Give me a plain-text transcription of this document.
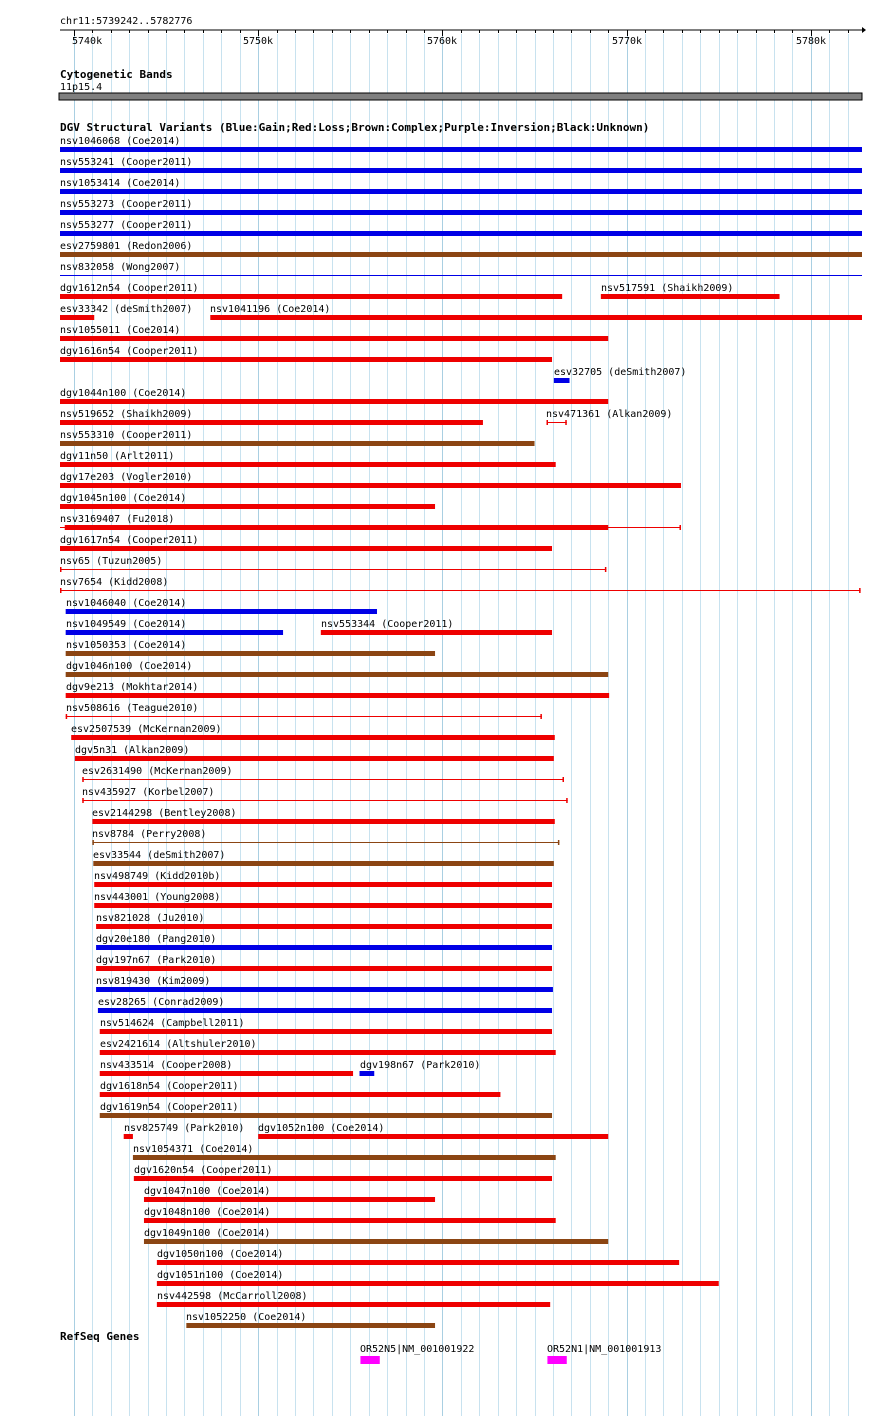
chr11:5739242..5782776
5740k	5750k	5760k	5770k	5780k
Cytogenetic Bands
11p15.4
DGV Structural Variants (Blue:Gain;Red:Loss;Brown:Complex;Purple:Inversion;Black:Unknown)
nsv1046068 (Coe2014)
nsv553241 (Cooper2011)
nsv1053414 (Coe2014)
nsv553273 (Cooper2011)
nsv553277 (Cooper2011)
esv2759801 (Redon2006)
nsv832058 (Wong2007)
dgv1612n54 (Cooper2011)	nsv517591 (Shaikh2009)
esv33342 (deSmith2007) nsv1041196 (Coe2014)
nsv1055011 (Coe2014)
dgv1616n54 (Cooper2011)
esv32705 (deSmith2007)
dgv1044n100 (Coe2014)
nsv519652 (Shaikh2009)	nsv471361 (Alkan2009)
nsv553310 (Cooper2011)
dgv11n50 (Arlt2011)
dgv17e203 (Vogler2010)
dgv1045n100 (Coe2014)
nsv3169407 (Fu2018)
dgv1617n54 (Cooper2011)
nsv65 (Tuzun2005)
nsv7654 (Kidd2008)
nsv1046040 (Coe2014)
nsv1049549 (Coe2014)	nsv553344 (Cooper2011)
nsv1050353 (Coe2014)
dgv1046n100 (Coe2014)
dgv9e213 (Mokhtar2014)
nsv508616 (Teague2010)
esv2507539 (McKernan2009)
dgv5n31 (Alkan2009)
esv2631490 (McKernan2009)
nsv435927 (Korbel2007)
esv2144298 (Bentley2008)
nsv8784 (Perry2008)
esv33544 (deSmith2007)
nsv498749 (Kidd2010b)
nsv443001 (Young2008)
nsv821028 (Ju2010)
dgv20e180 (Pang2010)
dgv197n67 (Park2010)
nsv819430 (Kim2009)
esv28265 (Conrad2009)
nsv514624 (Campbell2011)
esv2421614 (Altshuler2010)
nsv433514 (Cooper2008)	dgv198n67 (Park2010)
dgv1618n54 (Cooper2011)
dgv1619n54 (Cooper2011)
nsv825749 (Park2010)
nsv1054371 (Coe2014)
dgv1620n54 (Cooper2011)
dgv1047n100 (Coe2014)
dgv1048n100 (Coe2014)
dgv1049n100 (Coe2014)
dgv1050n100 (Coe2014)
dgv1051n100 (Coe2014)
nsv442598 (McCarroll2008)
nsv1052250 (Coe2014)
dgv1052n100 (Coe2014)
RefSeq Genes
OR52N5|NM_001001922	OR52N1|NM_001001913
